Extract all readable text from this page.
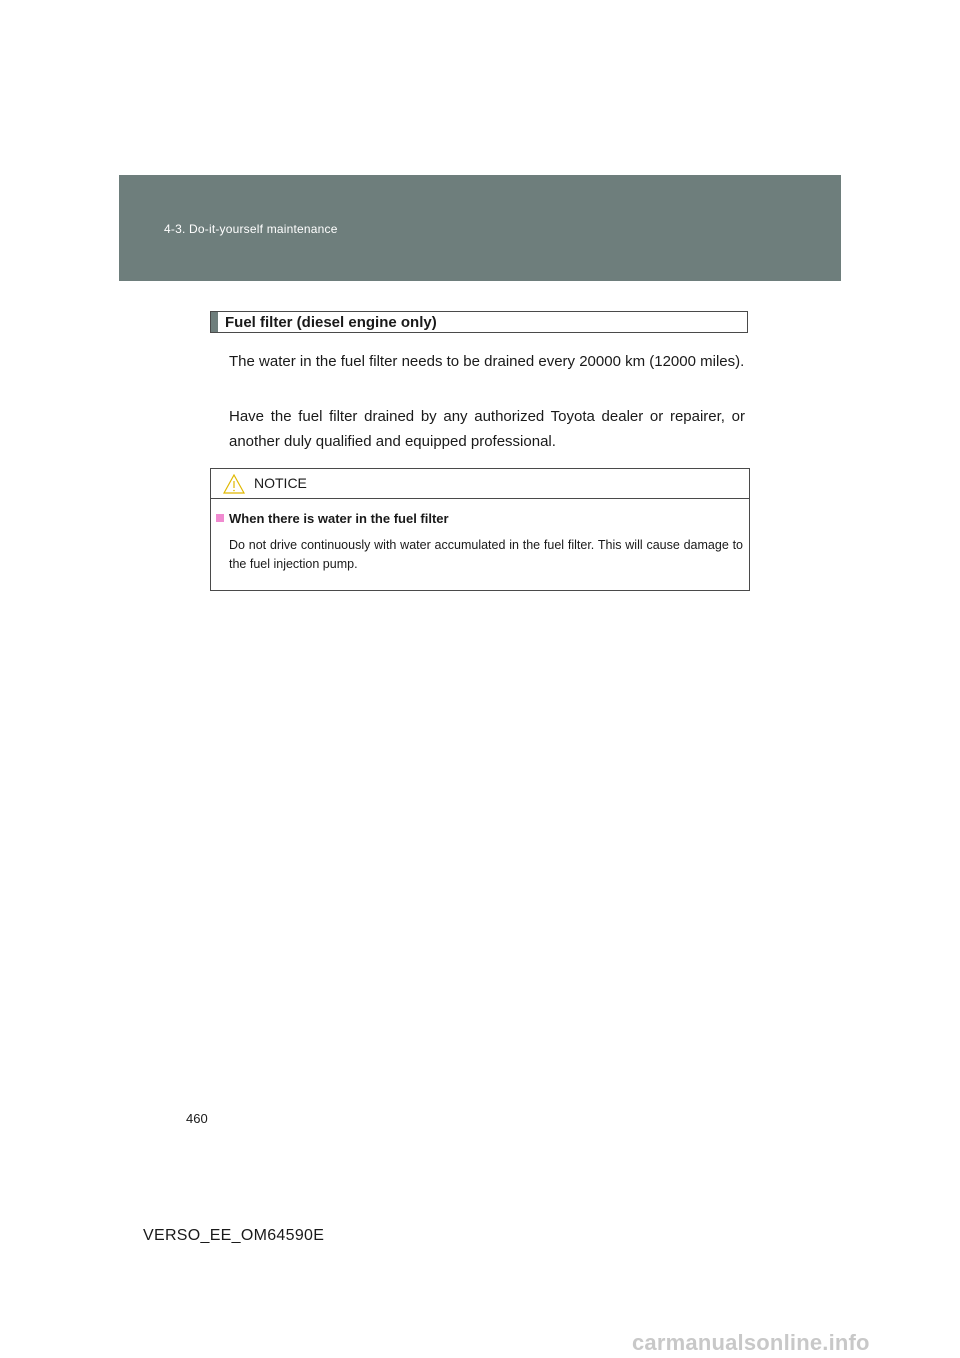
4-3. Do-it-yourself maintenance
Fuel filter (diesel engine only)
The water in the fuel filter needs to be drained every 20000 km (12000 miles).
Have the fuel filter drained by any authorized Toyota dealer or repairer, or another duly qualified and equipped professional.
NOTICE
When there is water in the fuel filter
Do not drive continuously with water accumulated in the fuel filter. This will cause damage to the fuel injection pump.
460
VERSO_EE_OM64590E
carmanualsonline.info
